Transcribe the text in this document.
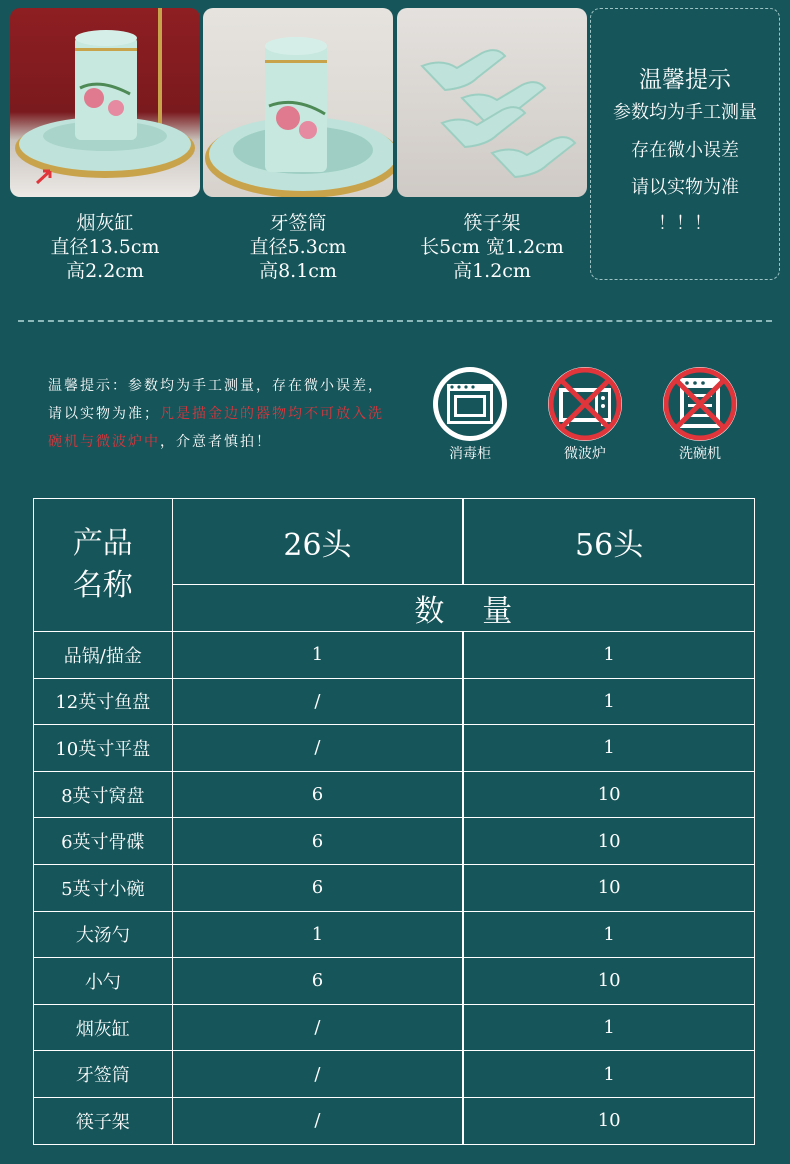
烟灰缸
直径13.5cm
高2.2cm
牙签筒
直径5.3cm
高8.1cm
筷子架
长5cm 宽1.2cm
高1.2cm
温馨提示
参数均为手工测量
存在微小误差
请以实物为准
！！！
温馨提示：参数均为手工测量，存在微小误差，请以实物为准；凡是描金边的器物均不可放入洗碗机与微波炉中，介意者慎拍！
消毒柜	微波炉	洗碗机
产品
名称	26头	56头
	数量	
品锅/描金	1	1
12英寸鱼盘	/	1
10英寸平盘	/	1
8英寸窝盘	6	10
6英寸骨碟	6	10
5英寸小碗	6	10
大汤勺	1	1
小勺	6	10
烟灰缸	/	1
牙签筒	/	1
筷子架	/	10
